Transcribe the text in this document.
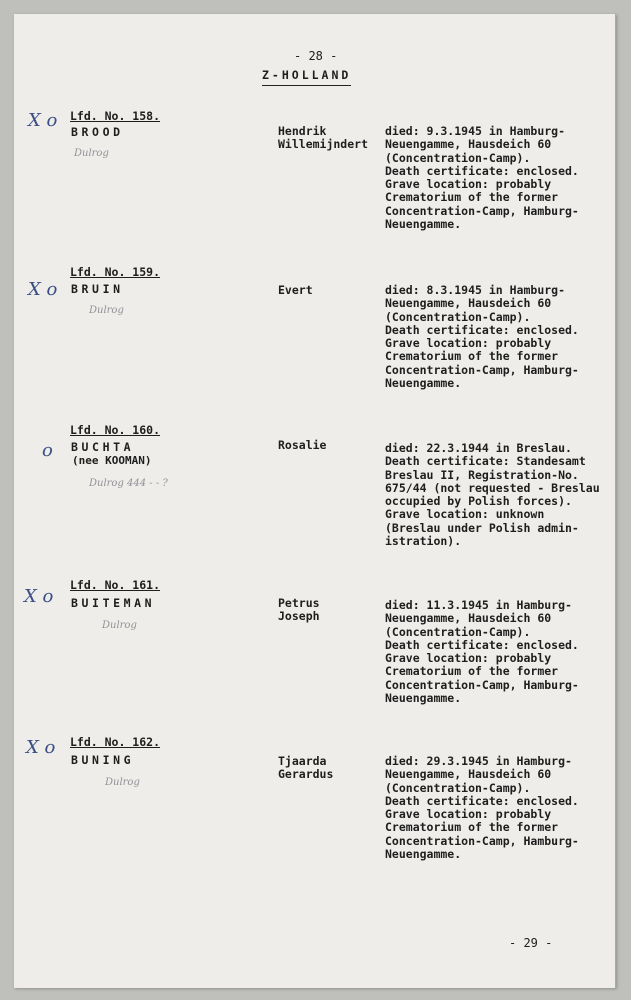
- 28 -
Z-HOLLAND
X o Lfd. No. 158.
BROOD
Dulrog
Hendrik
Willemijndert
died: 9.3.1945 in Hamburg-
Neuengamme, Hausdeich 60
(Concentration-Camp).
Death certificate: enclosed.
Grave location: probably
Crematorium of the former
Concentration-Camp, Hamburg-
Neuengamme.
X o
Lfd. No. 159.
BRUIN
Dulrog
Evert	died: 8.3.1945 in Hamburg-
Neuengamme, Hausdeich 60
(Concentration-Camp).
Death certificate: enclosed.
Grave location: probably
Crematorium of the former
Concentration-Camp, Hamburg-
Neuengamme.
o
Lfd. No. 160.
BUCHTA
(nee KOOMAN)
Dulrog 444 - - ?
Rosalie	died: 22.3.1944 in Breslau.
Death certificate: Standesamt
Breslau II, Registration-No.
675/44 (not requested - Breslau
occupied by Polish forces).
Grave location: unknown
(Breslau under Polish admin-
istration).
X o
Lfd. No. 161.
BUITEMAN
Dulrog
Petrus
Joseph
died: 11.3.1945 in Hamburg-
Neuengamme, Hausdeich 60
(Concentration-Camp).
Death certificate: enclosed.
Grave location: probably
Crematorium of the former
Concentration-Camp, Hamburg-
Neuengamme.
X o Lfd. No. 162.
BUNING
Dulrog
Tjaarda
Gerardus
died: 29.3.1945 in Hamburg-
Neuengamme, Hausdeich 60
(Concentration-Camp).
Death certificate: enclosed.
Grave location: probably
Crematorium of the former
Concentration-Camp, Hamburg-
Neuengamme.
- 29 -
